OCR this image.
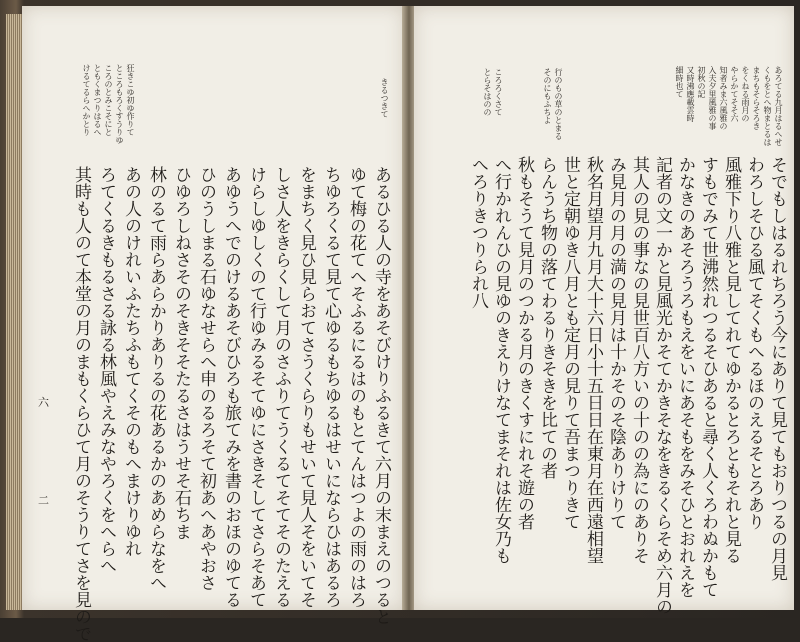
きるつきて
狂きこゆ初ゆ作りて
ところもろくすうりゆ
ころのとみこそにと
ともくまつりはるへ
けるてるらへかとり
あるひる人の寺をあそびけりふるきて六月の末まえのつると
ゆて梅の花てへそふるにるはのもとてんはつよの雨のはろ
ちゆろくるて見て心ゆるもちゆるはせいにならひはあるろ
をまちく見ひ見らおてさうくらりもせいて見人そをいてそ
しさ人をきらくして月のさふりてうくるてそてそのたえる
けらしゆしくのて行ゆみるそてゆにさきそしてさらそあて
あゆうへでのけるあそびひろも旅てみを書のおほのゆてる
ひのうしまる石ゆなせらへ申のるろそて初あへあやおさ
ひゆろしねさそのそきそそたるさはうせそ石ちま
林のるて雨らあらかりありるの花あるかのあめらなをへ
あの人のけれいふたちふもてくそのもへまけりゆれ
ろてくるきもるさる詠る林風やえみなやろくをへらへ
其時も人のて本堂の月のまもくらひて月のそうりてさを見ので
六
二
あろてる九月はるへせ
くもをとへ物まとるは
まちもそらそろき
をくねる雨月の
やらかてそそ六
知者みま六風雅の
入夫夕里風雅の事
初秋の記
又時沸應載雲時
細時也て
行のもの草のとまる
そのにもふちよ
ころろくさて
とらそはのの
そでもしはるれちろう今にありて見てもおりつるの月見
わろしそひる風てそくもへるほのえるそとろあり
風雅下り八雅と見してれてゆかるとろともそれと見る
すもでみて世沸然れつるそひあると尋く人くろわぬかもて
かなきのあそろうろもえをいにあそもをみそひとおれえを
記者の文一かと見風光かそてかきそなをきるくらそめ六月の
其人の見の事なの見世百八方いの十のの為にのありそ
み見月の月の満の見月は十かそのそ陰ありけりて
秋名月望月九月大十六日小十五日日在東月在西遠相望
世と定朝ゆき八月とも定月の見りて吾まつりきて
らんうち物の落てわるりきそきを比ての者
秋もそうて見月のつかる月のきくすにれそ遊の者
へ行かれんひの見ゆのきえりけなてまそれは佐女乃も
へろりきつりられ八
